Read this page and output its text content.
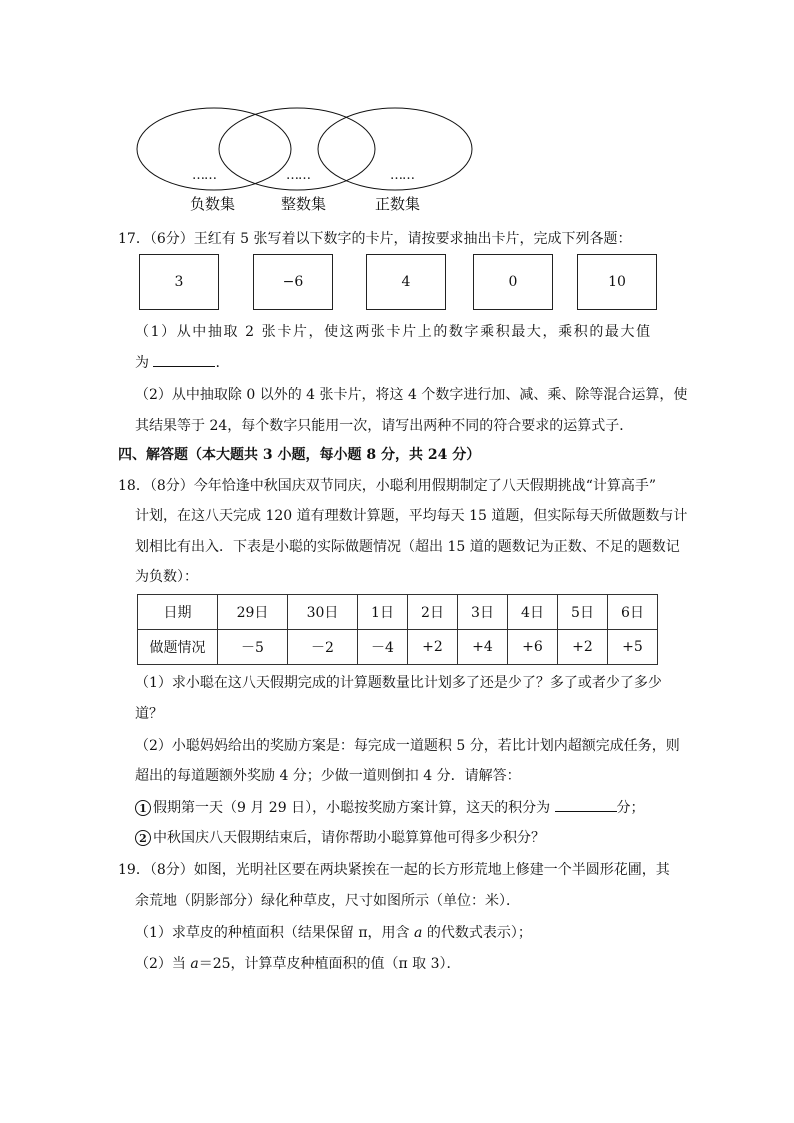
……	……	……
负数集	整数集	正数集
17．（6分）王红有 5 张写着以下数字的卡片，请按要求抽出卡片，完成下列各题：
3	−6	4	0	10
（1）从中抽取 2 张卡片，使这两张卡片上的数字乘积最大，乘积的最大值
为	.
（2）从中抽取除 0 以外的 4 张卡片，将这 4 个数字进行加、减、乘、除等混合运算，使
其结果等于 24，每个数字只能用一次，请写出两种不同的符合要求的运算式子．
四、解答题（本大题共 3 小题，每小题 8 分，共 24 分）
18．（8分）今年恰逢中秋国庆双节同庆，小聪利用假期制定了八天假期挑战“计算高手”
计划，在这八天完成 120 道有理数计算题，平均每天 15 道题，但实际每天所做题数与计
划相比有出入．下表是小聪的实际做题情况（超出 15 道的题数记为正数、不足的题数记
为负数）：
日期	29日	30日	1日	2日	3日	4日	5日	6日
做题情况	－5	－2	－4	+2	+4	+6	+2	+5
（1）求小聪在这八天假期完成的计算题数量比计划多了还是少了？多了或者少了多少
道？
（2）小聪妈妈给出的奖励方案是：每完成一道题积 5 分，若比计划内超额完成任务，则
超出的每道题额外奖励 4 分；少做一道则倒扣 4 分．请解答：
1 假期第一天（9 月 29 日），小聪按奖励方案计算，这天的积分为	分；
2 中秋国庆八天假期结束后，请你帮助小聪算算他可得多少积分？
19．（8分）如图，光明社区要在两块紧挨在一起的长方形荒地上修建一个半圆形花圃，其
余荒地（阴影部分）绿化种草皮，尺寸如图所示（单位：米）．
（1）求草皮的种植面积（结果保留 π，用含 a 的代数式表示）；
（2）当 a＝25，计算草皮种植面积的值（π 取 3）．
